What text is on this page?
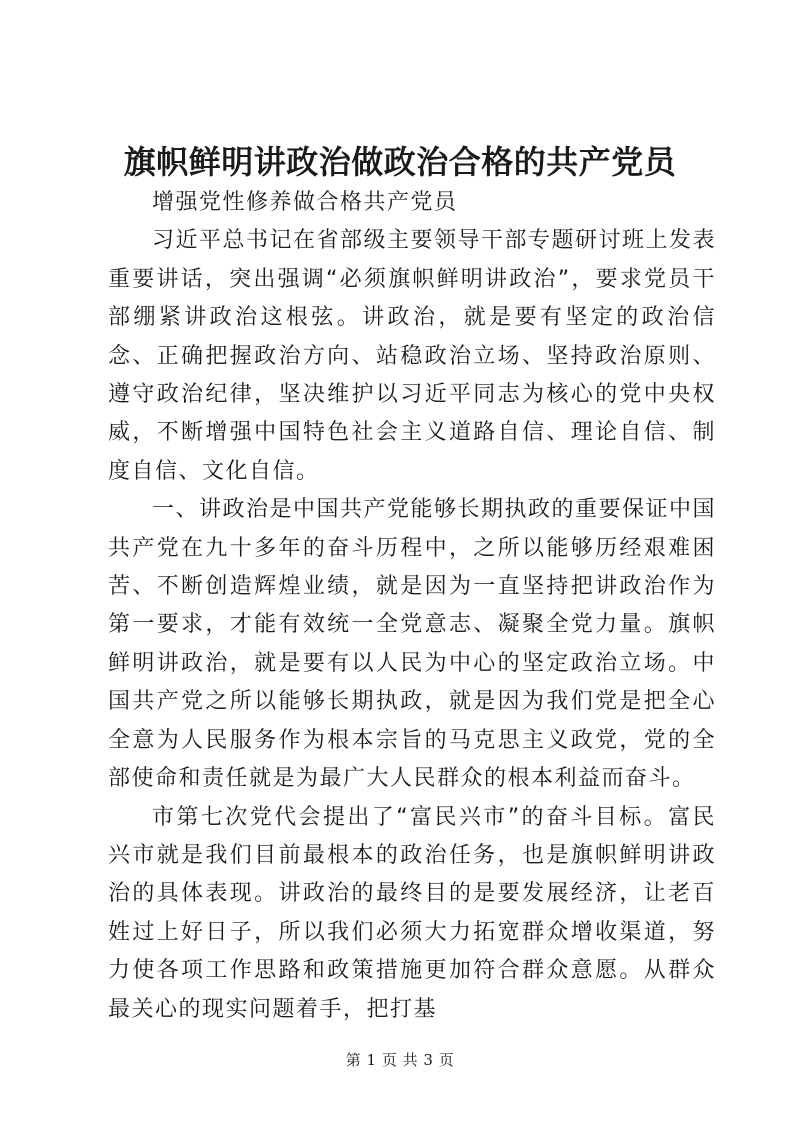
旗帜鲜明讲政治做政治合格的共产党员

增强党性修养做合格共产党员

习近平总书记在省部级主要领导干部专题研讨班上发表重要讲话，突出强调“必须旗帜鲜明讲政治”，要求党员干部绷紧讲政治这根弦。讲政治，就是要有坚定的政治信念、正确把握政治方向、站稳政治立场、坚持政治原则、遵守政治纪律，坚决维护以习近平同志为核心的党中央权威，不断增强中国特色社会主义道路自信、理论自信、制度自信、文化自信。

一、讲政治是中国共产党能够长期执政的重要保证中国共产党在九十多年的奋斗历程中，之所以能够历经艰难困苦、不断创造辉煌业绩，就是因为一直坚持把讲政治作为第一要求，才能有效统一全党意志、凝聚全党力量。旗帜鲜明讲政治，就是要有以人民为中心的坚定政治立场。中国共产党之所以能够长期执政，就是因为我们党是把全心全意为人民服务作为根本宗旨的马克思主义政党，党的全部使命和责任就是为最广大人民群众的根本利益而奋斗。

市第七次党代会提出了“富民兴市”的奋斗目标。富民兴市就是我们目前最根本的政治任务，也是旗帜鲜明讲政治的具体表现。讲政治的最终目的是要发展经济，让老百姓过上好日子，所以我们必须大力拓宽群众增收渠道，努力使各项工作思路和政策措施更加符合群众意愿。从群众最关心的现实问题着手，把打基

第 1 页 共 3 页
